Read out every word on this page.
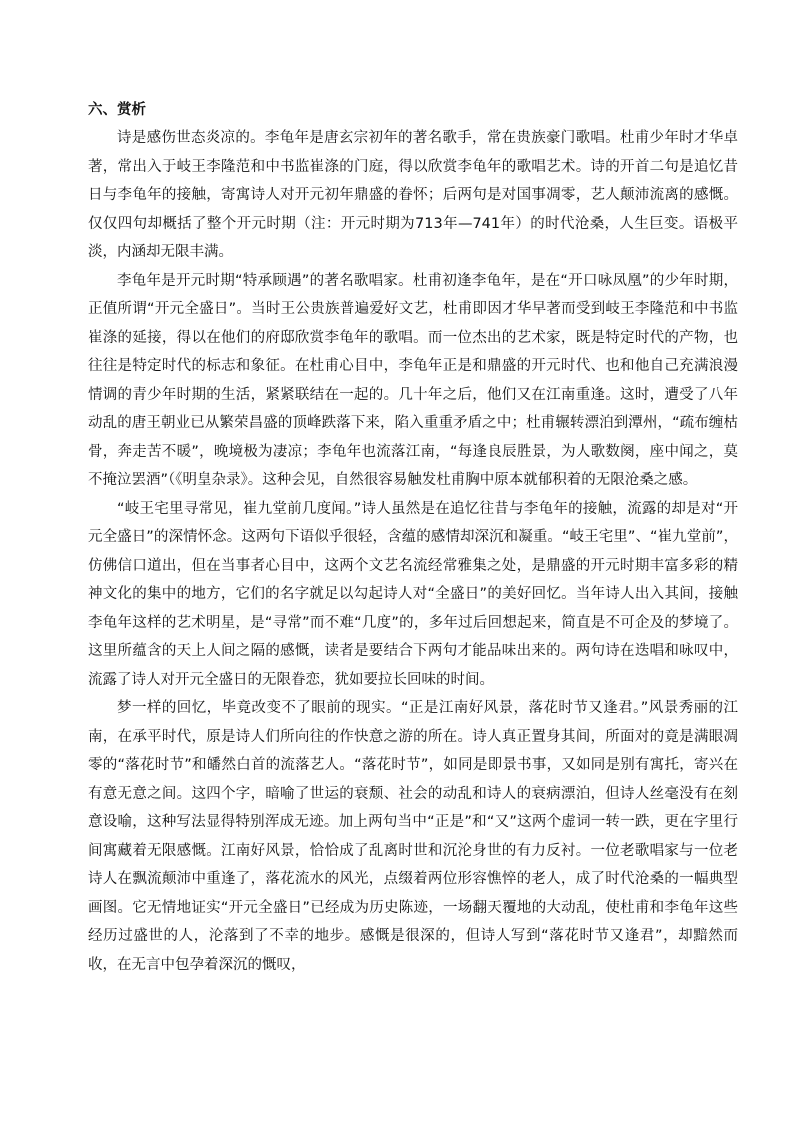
六、赏析

诗是感伤世态炎凉的。李龟年是唐玄宗初年的著名歌手，常在贵族豪门歌唱。杜甫少年时才华卓著，常出入于岐王李隆范和中书监崔涤的门庭，得以欣赏李龟年的歌唱艺术。诗的开首二句是追忆昔日与李龟年的接触，寄寓诗人对开元初年鼎盛的眷怀；后两句是对国事凋零，艺人颠沛流离的感慨。仅仅四句却概括了整个开元时期（注：开元时期为713年—741年）的时代沧桑，人生巨变。语极平淡，内涵却无限丰满。

李龟年是开元时期“特承顾遇”的著名歌唱家。杜甫初逢李龟年，是在“开口咏凤凰”的少年时期，正值所谓“开元全盛日”。当时王公贵族普遍爱好文艺，杜甫即因才华早著而受到岐王李隆范和中书监崔涤的延接，得以在他们的府邸欣赏李龟年的歌唱。而一位杰出的艺术家，既是特定时代的产物，也往往是特定时代的标志和象征。在杜甫心目中，李龟年正是和鼎盛的开元时代、也和他自己充满浪漫情调的青少年时期的生活，紧紧联结在一起的。几十年之后，他们又在江南重逢。这时，遭受了八年动乱的唐王朝业已从繁荣昌盛的顶峰跌落下来，陷入重重矛盾之中；杜甫辗转漂泊到潭州，“疏布缠枯骨，奔走苦不暖”，晚境极为凄凉；李龟年也流落江南，“每逢良辰胜景，为人歌数阕，座中闻之，莫不掩泣罢酒”（《明皇杂录》。这种会见，自然很容易触发杜甫胸中原本就郁积着的无限沧桑之感。

“岐王宅里寻常见，崔九堂前几度闻。”诗人虽然是在追忆往昔与李龟年的接触，流露的却是对“开元全盛日”的深情怀念。这两句下语似乎很轻，含蕴的感情却深沉和凝重。“岐王宅里”、“崔九堂前”，仿佛信口道出，但在当事者心目中，这两个文艺名流经常雅集之处，是鼎盛的开元时期丰富多彩的精神文化的集中的地方，它们的名字就足以勾起诗人对“全盛日”的美好回忆。当年诗人出入其间，接触李龟年这样的艺术明星，是“寻常”而不难“几度”的，多年过后回想起来，简直是不可企及的梦境了。这里所蕴含的天上人间之隔的感慨，读者是要结合下两句才能品味出来的。两句诗在迭唱和咏叹中，流露了诗人对开元全盛日的无限眷恋，犹如要拉长回味的时间。

梦一样的回忆，毕竟改变不了眼前的现实。“正是江南好风景，落花时节又逢君。”风景秀丽的江南，在承平时代，原是诗人们所向往的作快意之游的所在。诗人真正置身其间，所面对的竟是满眼凋零的“落花时节”和皤然白首的流落艺人。“落花时节”，如同是即景书事，又如同是别有寓托，寄兴在有意无意之间。这四个字，暗喻了世运的衰颓、社会的动乱和诗人的衰病漂泊，但诗人丝毫没有在刻意设喻，这种写法显得特别浑成无迹。加上两句当中“正是”和“又”这两个虚词一转一跌，更在字里行间寓藏着无限感慨。江南好风景，恰恰成了乱离时世和沉沦身世的有力反衬。一位老歌唱家与一位老诗人在飘流颠沛中重逢了，落花流水的风光，点缀着两位形容憔悴的老人，成了时代沧桑的一幅典型画图。它无情地证实“开元全盛日”已经成为历史陈迹，一场翻天覆地的大动乱，使杜甫和李龟年这些经历过盛世的人，沦落到了不幸的地步。感慨是很深的，但诗人写到“落花时节又逢君”，却黯然而收，在无言中包孕着深沉的慨叹，
